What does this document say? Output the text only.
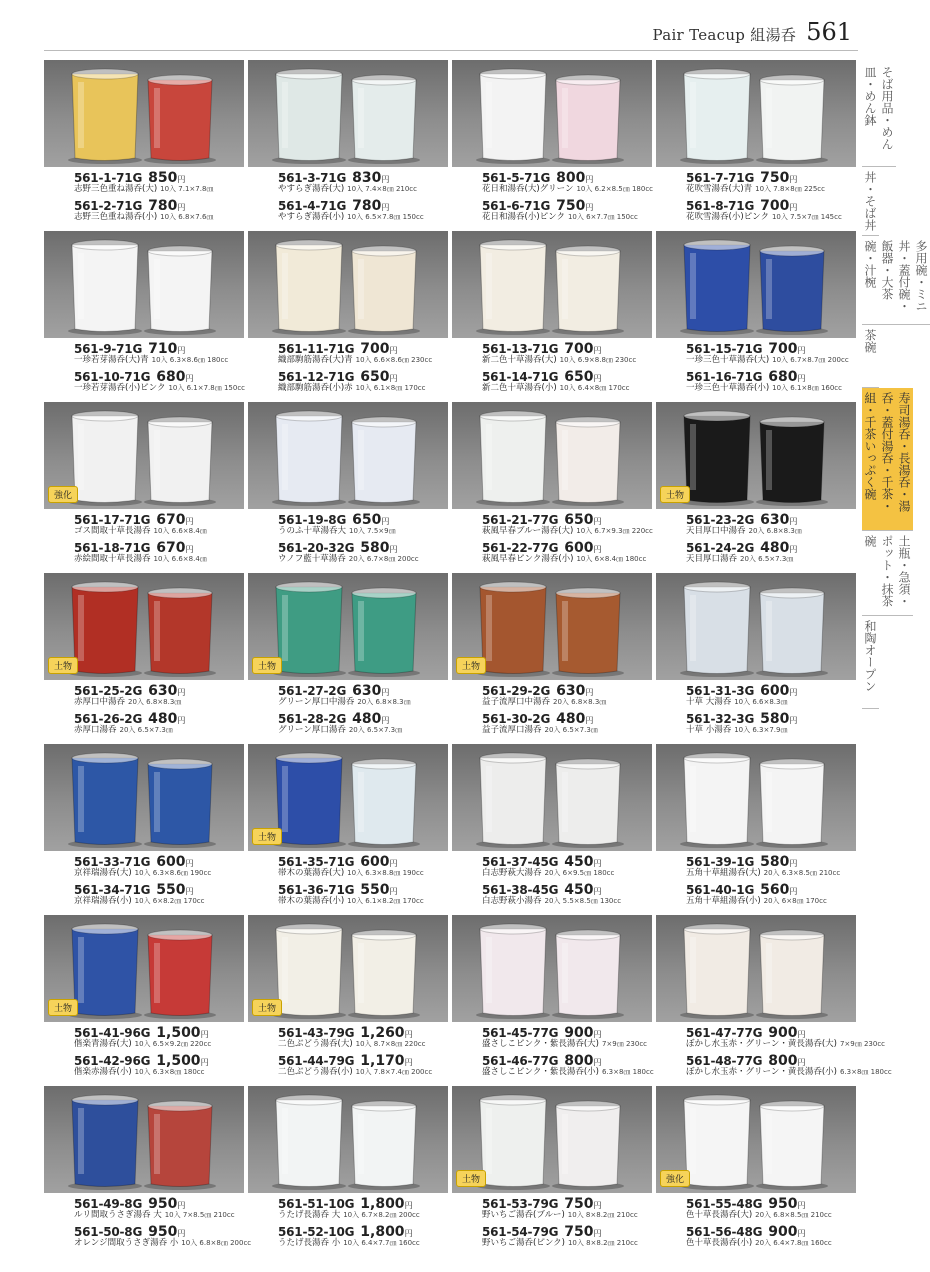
Pair Teacup 組湯呑 561
561-1-71G 850円
志野三色重ね湯呑(大) 10入 7.1×7.8㎝
561-2-71G 780円
志野三色重ね湯呑(小) 10入 6.8×7.6㎝
561-3-71G 830円
やすらぎ湯呑(大) 10入 7.4×8㎝ 210cc
561-4-71G 780円
やすらぎ湯呑(小) 10入 6.5×7.8㎝ 150cc
561-5-71G 800円
花日和湯呑(大)グリーン 10入 6.2×8.5㎝ 180cc
561-6-71G 750円
花日和湯呑(小)ピンク 10入 6×7.7㎝ 150cc
561-7-71G 750円
花吹雪湯呑(大)青 10入 7.8×8㎝ 225cc
561-8-71G 700円
花吹雪湯呑(小)ピンク 10入 7.5×7㎝ 145cc
561-9-71G 710円
一珍若芽湯呑(大)青 10入 6.3×8.6㎝ 180cc
561-10-71G 680円
一珍若芽湯呑(小)ピンク 10入 6.1×7.8㎝ 150cc
561-11-71G 700円
織部駒筋湯呑(大)青 10入 6.6×8.6㎝ 230cc
561-12-71G 650円
織部駒筋湯呑(小)赤 10入 6.1×8㎝ 170cc
561-13-71G 700円
新二色十草湯呑(大) 10入 6.9×8.8㎝ 230cc
561-14-71G 650円
新二色十草湯呑(小) 10入 6.4×8㎝ 170cc
561-15-71G 700円
一珍三色十草湯呑(大) 10入 6.7×8.7㎝ 200cc
561-16-71G 680円
一珍三色十草湯呑(小) 10入 6.1×8㎝ 160cc
強化
561-17-71G 670円
ゴス間取十草長湯呑 10入 6.6×8.4㎝
561-18-71G 670円
赤絵間取十草長湯呑 10入 6.6×8.4㎝
561-19-8G 650円
うのふ十草湯呑大 10入 7.5×9㎝
561-20-32G 580円
ウノフ藍十草湯呑 20入 6.7×8㎝ 200cc
561-21-77G 650円
萩風早春ブルー湯呑(大) 10入 6.7×9.3㎝ 220cc
561-22-77G 600円
萩風早春ピンク湯呑(小) 10入 6×8.4㎝ 180cc
土物
561-23-2G 630円
天目厚口中湯呑 20入 6.8×8.3㎝
561-24-2G 480円
天目厚口湯呑 20入 6.5×7.3㎝
土物
561-25-2G 630円
赤厚口中湯呑 20入 6.8×8.3㎝
561-26-2G 480円
赤厚口湯呑 20入 6.5×7.3㎝
土物
561-27-2G 630円
グリーン厚口中湯呑 20入 6.8×8.3㎝
561-28-2G 480円
グリーン厚口湯呑 20入 6.5×7.3㎝
土物
561-29-2G 630円
益子流厚口中湯呑 20入 6.8×8.3㎝
561-30-2G 480円
益子流厚口湯呑 20入 6.5×7.3㎝
561-31-3G 600円
十草 大湯呑 10入 6.6×8.3㎝
561-32-3G 580円
十草 小湯呑 10入 6.3×7.9㎝
561-33-71G 600円
京祥瑞湯呑(大) 10入 6.3×8.6㎝ 190cc
561-34-71G 550円
京祥瑞湯呑(小) 10入 6×8.2㎝ 170cc
土物
561-35-71G 600円
帯木の葉湯呑(大) 10入 6.3×8.8㎝ 190cc
561-36-71G 550円
帯木の葉湯呑(小) 10入 6.1×8.2㎝ 170cc
561-37-45G 450円
白志野萩大湯呑 20入 6×9.5㎝ 180cc
561-38-45G 450円
白志野萩小湯呑 20入 5.5×8.5㎝ 130cc
561-39-1G 580円
五角十草組湯呑(大) 20入 6.3×8.5㎝ 210cc
561-40-1G 560円
五角十草組湯呑(小) 20入 6×8㎝ 170cc
土物
561-41-96G 1,500円
偕楽青湯呑(大) 10入 6.5×9.2㎝ 220cc
561-42-96G 1,500円
偕楽赤湯呑(小) 10入 6.3×8㎝ 180cc
土物
561-43-79G 1,260円
二色ぶどう湯呑(大) 10入 8.7×8㎝ 220cc
561-44-79G 1,170円
二色ぶどう湯呑(小) 10入 7.8×7.4㎝ 200cc
561-45-77G 900円
盛さしこピンク・紫長湯呑(大) 7×9㎝ 230cc
561-46-77G 800円
盛さしこピンク・紫長湯呑(小) 6.3×8㎝ 180cc
561-47-77G 900円
ぼかし水玉赤・グリーン・黄長湯呑(大) 7×9㎝ 230cc
561-48-77G 800円
ぼかし水玉赤・グリーン・黄長湯呑(小) 6.3×8㎝ 180cc
561-49-8G 950円
ルリ間取うさぎ湯呑 大 10入 7×8.5㎝ 210cc
561-50-8G 950円
オレンジ間取うさぎ湯呑 小 10入 6.8×8㎝ 200cc
561-51-10G 1,800円
うたげ長湯呑 大 10入 6.7×8.2㎝ 200cc
561-52-10G 1,800円
うたげ長湯呑 小 10入 6.4×7.7㎝ 160cc
土物
561-53-79G 750円
野いちご湯呑(ブルー) 10入 8×8.2㎝ 210cc
561-54-79G 750円
野いちご湯呑(ピンク) 10入 8×8.2㎝ 210cc
強化
561-55-48G 950円
色十草長湯呑(大) 20入 6.8×8.5㎝ 210cc
561-56-48G 900円
色十草長湯呑(小) 20入 6.4×7.8㎝ 160cc
そば用品・めん皿・めん鉢
丼・そば丼
多用碗・ミニ丼・蓋付碗・飯器・大茶碗・汁椀
茶碗
寿司湯呑・長湯呑・湯呑・蓋付湯呑・千茶・組・千茶いっぷく碗
土瓶・急須・ポット・抹茶碗
和陶オープン
